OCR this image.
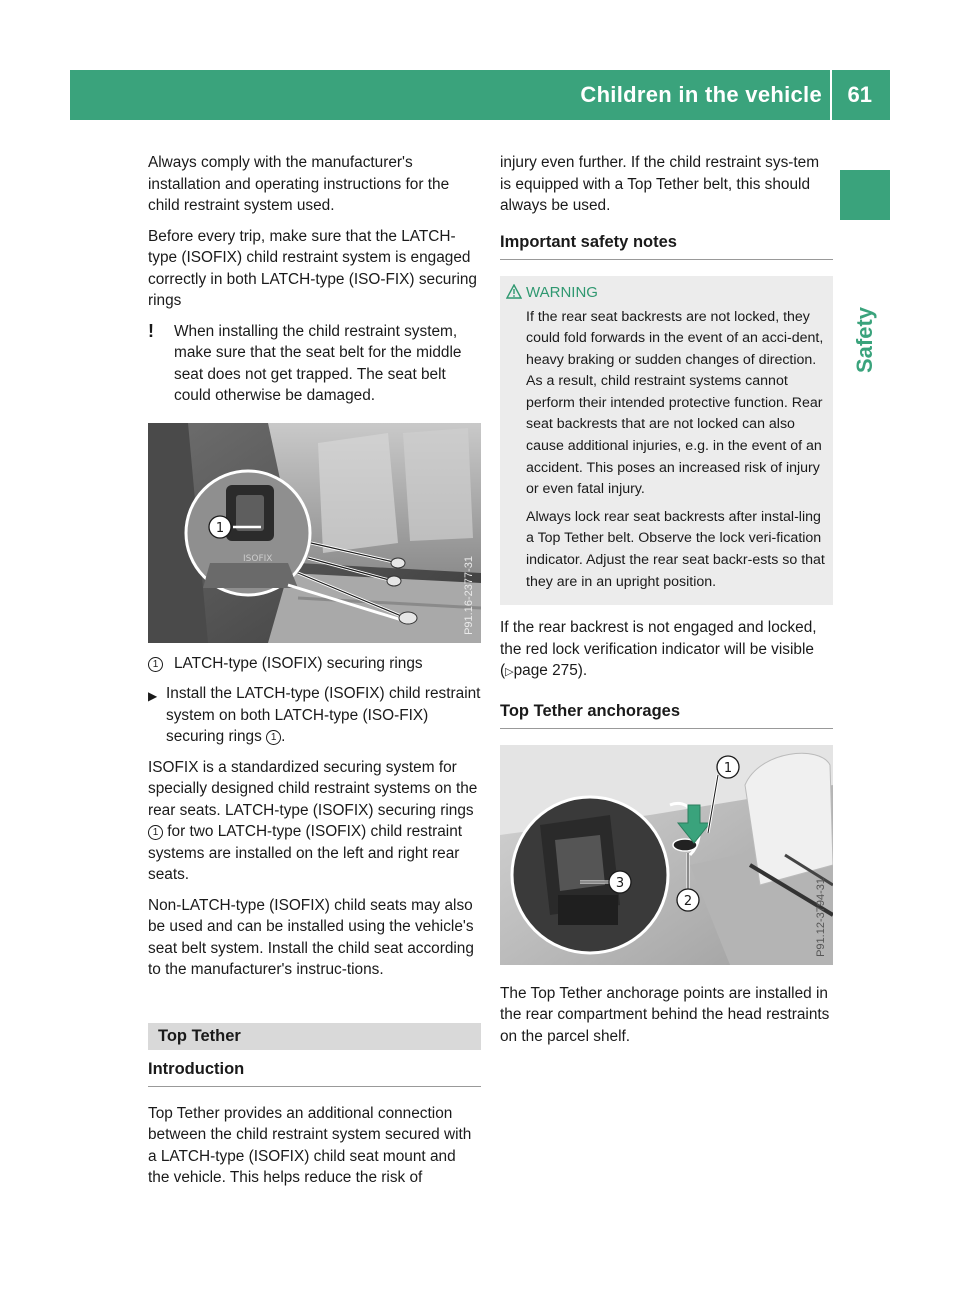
Children in the vehicle 61
Safety

Always comply with the manufacturer's installation and operating instructions for the child restraint system used.

Before every trip, make sure that the LATCH-type (ISOFIX) child restraint system is engaged correctly in both LATCH-type (ISO-FIX) securing rings

!	When installing the child restraint system, make sure that the seat belt for the middle seat does not get trapped. The seat belt could otherwise be damaged.
ISOFIX
1
P91.16-2377-31
1	LATCH-type (ISOFIX) securing rings
▶ Install the LATCH-type (ISOFIX) child restraint system on both LATCH-type (ISO-FIX) securing rings 1 .

ISOFIX is a standardized securing system for specially designed child restraint systems on the rear seats. LATCH-type (ISOFIX) securing rings 1 for two LATCH-type (ISOFIX) child restraint systems are installed on the left and right rear seats.

Non-LATCH-type (ISOFIX) child seats may also be used and can be installed using the vehicle's seat belt system. Install the child seat according to the manufacturer's instruc-tions.

Top Tether
Introduction

Top Tether provides an additional connection between the child restraint system secured with a LATCH-type (ISOFIX) child seat mount and the vehicle. This helps reduce the risk of

injury even further. If the child restraint sys-tem is equipped with a Top Tether belt, this should always be used.

Important safety notes
WARNING

If the rear seat backrests are not locked, they could fold forwards in the event of an acci-dent, heavy braking or sudden changes of direction. As a result, child restraint systems cannot perform their intended protective function. Rear seat backrests that are not locked can also cause additional injuries, e.g. in the event of an accident. This poses an increased risk of injury or even fatal injury.

Always lock rear seat backrests after instal-ling a Top Tether belt. Observe the lock veri-fication indicator. Adjust the rear seat backr-ests so that they are in an upright position.

If the rear backrest is not engaged and locked, the red lock verification indicator will be visible (▷page 275).

Top Tether anchorages
1
2
3	P91.12-3794-31

The Top Tether anchorage points are installed in the rear compartment behind the head restraints on the parcel shelf.
